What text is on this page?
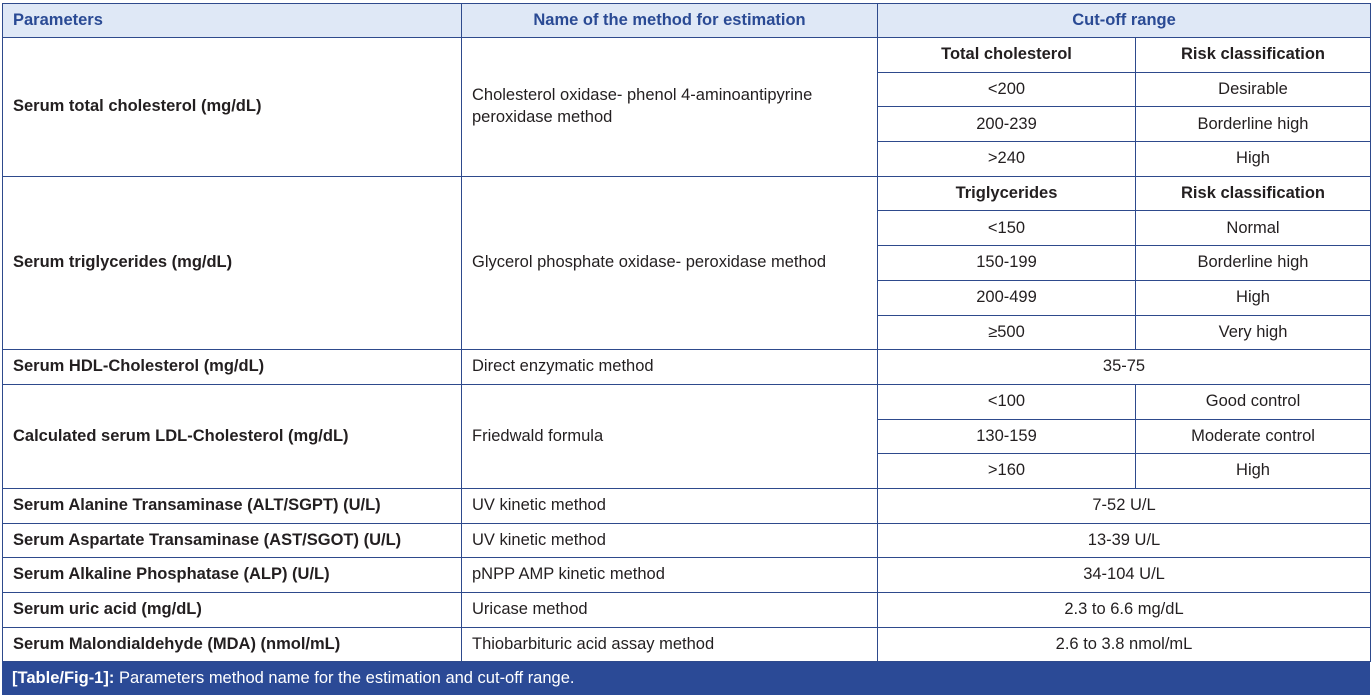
Parameters	Name of the method for estimation	Cut-off range	
Serum total cholesterol (mg/dL)	Cholesterol oxidase- phenol 4-aminoantipyrine peroxidase method	Total cholesterol	Risk classification
		<200	Desirable
		200-239	Borderline high
		>240	High
Serum triglycerides (mg/dL)	Glycerol phosphate oxidase- peroxidase method	Triglycerides	Risk classification
		<150	Normal
		150-199	Borderline high
		200-499	High
		≥500	Very high
Serum HDL-Cholesterol (mg/dL)	Direct enzymatic method	35-75	
Calculated serum LDL-Cholesterol (mg/dL)	Friedwald formula	<100	Good control
		130-159	Moderate control
		>160	High
Serum Alanine Transaminase (ALT/SGPT) (U/L)	UV kinetic method	7-52 U/L	
Serum Aspartate Transaminase (AST/SGOT) (U/L)	UV kinetic method	13-39 U/L	
Serum Alkaline Phosphatase (ALP) (U/L)	pNPP AMP kinetic method	34-104 U/L	
Serum uric acid (mg/dL)	Uricase method	2.3 to 6.6 mg/dL	
Serum Malondialdehyde (MDA) (nmol/mL)	Thiobarbituric acid assay method	2.6 to 3.8 nmol/mL	
[Table/Fig-1]: Parameters method name for the estimation and cut-off range.
